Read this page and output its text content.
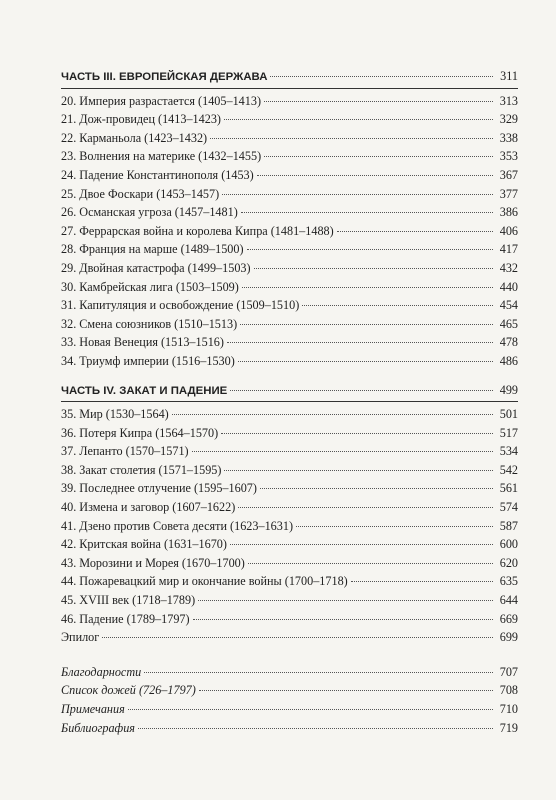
ЧАСТЬ III. ЕВРОПЕЙСКАЯ ДЕРЖАВА	311
20. Империя разрастается (1405–1413)	313
21. Дож-провидец (1413–1423)	329
22. Карманьола (1423–1432)	338
23. Волнения на материке (1432–1455)	353
24. Падение Константинополя (1453)	367
25. Двое Фоскари (1453–1457)	377
26. Османская угроза (1457–1481)	386
27. Феррарская война и королева Кипра (1481–1488)	406
28. Франция на марше (1489–1500)	417
29. Двойная катастрофа (1499–1503)	432
30. Камбрейская лига (1503–1509)	440
31. Капитуляция и освобождение (1509–1510)	454
32. Смена союзников (1510–1513)	465
33. Новая Венеция (1513–1516)	478
34. Триумф империи (1516–1530)	486
ЧАСТЬ IV. ЗАКАТ И ПАДЕНИЕ	499
35. Мир (1530–1564)	501
36. Потеря Кипра (1564–1570)	517
37. Лепанто (1570–1571)	534
38. Закат столетия (1571–1595)	542
39. Последнее отлучение (1595–1607)	561
40. Измена и заговор (1607–1622)	574
41. Дзено против Совета десяти (1623–1631)	587
42. Критская война (1631–1670)	600
43. Морозини и Морея (1670–1700)	620
44. Пожаревацкий мир и окончание войны (1700–1718)	635
45. XVIII век (1718–1789)	644
46. Падение (1789–1797)	669
Эпилог	699
Благодарности	707
Список дожей (726–1797)	708
Примечания	710
Библиография	719
